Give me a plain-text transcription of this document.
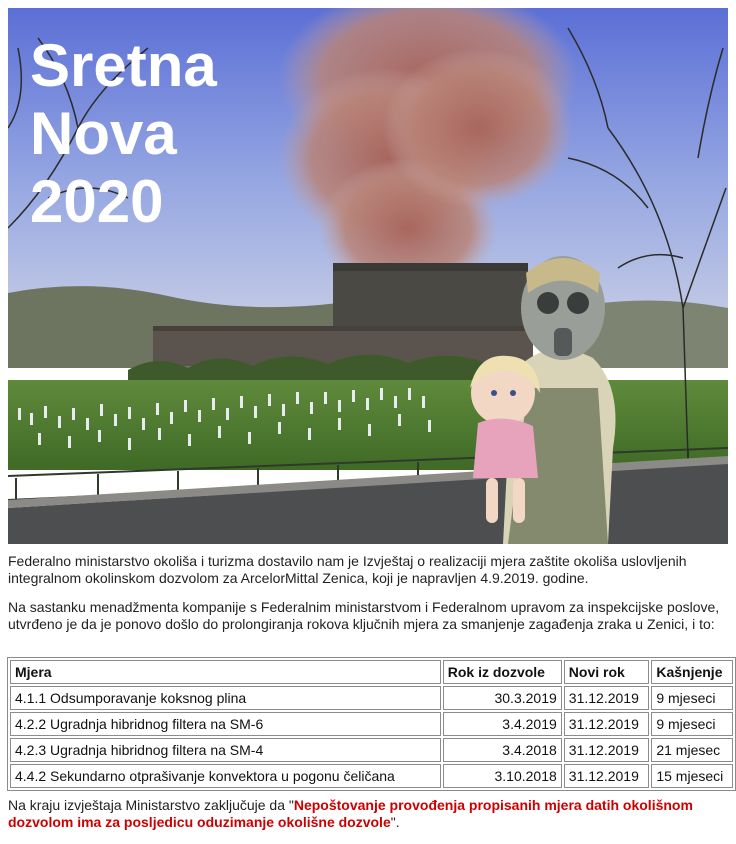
Sretna
Nova
2020

Federalno ministarstvo okoliša i turizma dostavilo nam je Izvještaj o realizaciji mjera zaštite okoliša uslovljenih integralnom okolinskom dozvolom za ArcelorMittal Zenica, koji je napravljen 4.9.2019. godine.

Na sastanku menadžmenta kompanije s Federalnim ministarstvom i Federalnom upravom za inspekcijske poslove, utvrđeno je da je ponovo došlo do prolongiranja rokova ključnih mjera za smanjenje zagađenja zraka u Zenici, i to:

Mjera	Rok iz dozvole	Novi rok	Kašnjenje
4.1.1 Odsumporavanje koksnog plina	30.3.2019	31.12.2019	9 mjeseci
4.2.2 Ugradnja hibridnog filtera na SM-6	3.4.2019	31.12.2019	9 mjeseci
4.2.3 Ugradnja hibridnog filtera na SM-4	3.4.2018	31.12.2019	21 mjesec
4.4.2 Sekundarno otprašivanje konvektora u pogonu čeličana	3.10.2018	31.12.2019	15 mjeseci

Na kraju izvještaja Ministarstvo zaključuje da "Nepoštovanje provođenja propisanih mjera datih okolišnom dozvolom ima za posljedicu oduzimanje okolišne dozvole".
